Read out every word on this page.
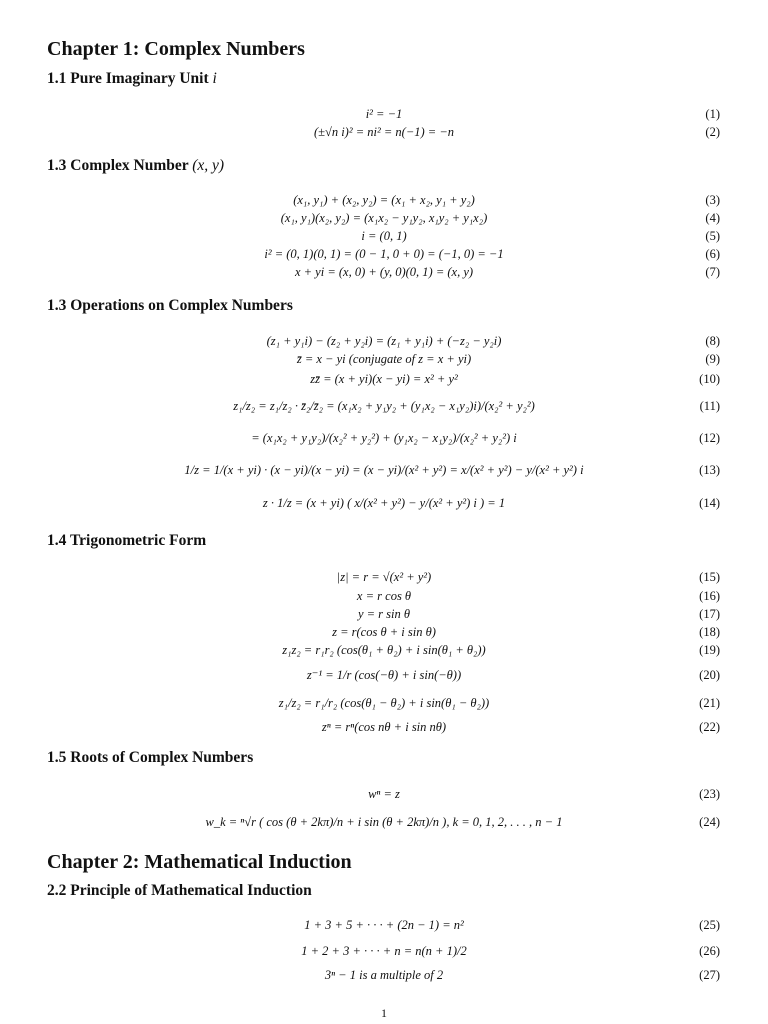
Chapter 1: Complex Numbers
1.1 Pure Imaginary Unit i
i² = −1	(1)
(±√n i)² = ni² = n(−1) = −n	(2)
1.3 Complex Number (x, y)
(x₁, y₁) + (x₂, y₂) = (x₁ + x₂, y₁ + y₂)	(3)
(x₁, y₁)(x₂, y₂) = (x₁x₂ − y₁y₂, x₁y₂ + y₁x₂)	(4)
i = (0, 1)	(5)
i² = (0, 1)(0, 1) = (0 − 1, 0 + 0) = (−1, 0) = −1	(6)
x + yi = (x, 0) + (y, 0)(0, 1) = (x, y)	(7)
1.3 Operations on Complex Numbers
(z₁ + y₁i) − (z₂ + y₂i) = (z₁ + y₁i) + (−z₂ − y₂i)	(8)
z̄ = x − yi (conjugate of z = x + yi)	(9)
zz̄ = (x + yi)(x − yi) = x² + y²	(10)
z₁/z₂ = z₁/z₂ · z̄₂/z̄₂ = (x₁x₂ + y₁y₂ + (y₁x₂ − x₁y₂)i)/(x₂² + y₂²)	(11)
= (x₁x₂ + y₁y₂)/(x₂² + y₂²) + (y₁x₂ − x₁y₂)/(x₂² + y₂²) i	(12)
1/z = 1/(x + yi) · (x − yi)/(x − yi) = (x − yi)/(x² + y²) = x/(x² + y²) − y/(x² + y²) i	(13)
z · 1/z = (x + yi) ( x/(x² + y²) − y/(x² + y²) i ) = 1	(14)
1.4 Trigonometric Form
|z| = r = √(x² + y²)	(15)
x = r cos θ	(16)
y = r sin θ	(17)
z = r(cos θ + i sin θ)	(18)
z₁z₂ = r₁r₂ (cos(θ₁ + θ₂) + i sin(θ₁ + θ₂))	(19)
z⁻¹ = 1/r (cos(−θ) + i sin(−θ))	(20)
z₁/z₂ = r₁/r₂ (cos(θ₁ − θ₂) + i sin(θ₁ − θ₂))	(21)
zⁿ = rⁿ(cos nθ + i sin nθ)	(22)
1.5 Roots of Complex Numbers
wⁿ = z	(23)
w_k = ⁿ√r ( cos (θ + 2kπ)/n + i sin (θ + 2kπ)/n ), k = 0, 1, 2, . . . , n − 1	(24)
Chapter 2: Mathematical Induction
2.2 Principle of Mathematical Induction
1 + 3 + 5 + · · · + (2n − 1) = n²	(25)
1 + 2 + 3 + · · · + n = n(n + 1)/2	(26)
3ⁿ − 1 is a multiple of 2	(27)
1
